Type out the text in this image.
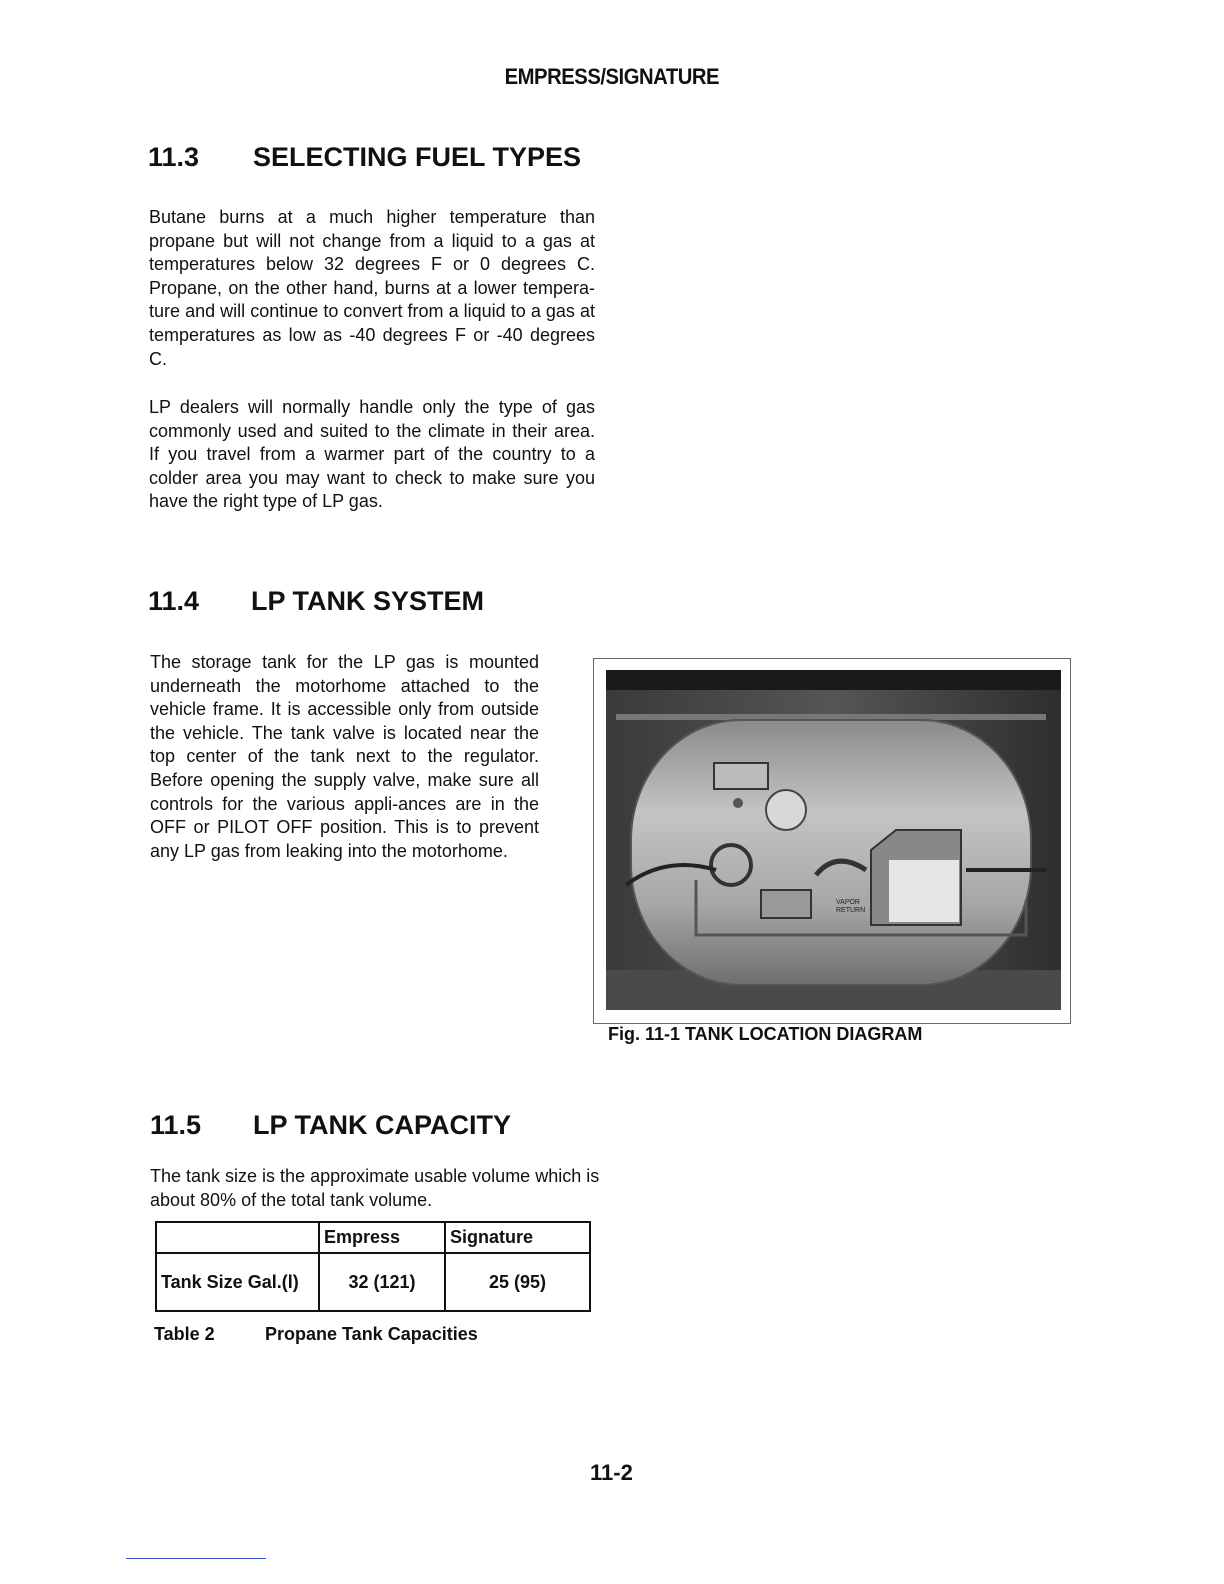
EMPRESS/SIGNATURE
11.3 SELECTING FUEL TYPES
Butane burns at a much higher temperature than propane but will not change from a liquid to a gas at temperatures below 32 degrees F or 0 degrees C. Propane, on the other hand, burns at a lower tempera-ture and will continue to convert from a liquid to a gas at temperatures as low as -40 degrees F or -40 degrees C.
LP dealers will normally handle only the type of gas commonly used and suited to the climate in their area. If you travel from a warmer part of the country to a colder area you may want to check to make sure you have the right type of LP gas.
11.4 LP TANK SYSTEM
The storage tank for the LP gas is mounted underneath the motorhome attached to the vehicle frame. It is accessible only from outside the vehicle. The tank valve is located near the top center of the tank next to the regulator. Before opening the supply valve, make sure all controls for the various appli-ances are in the OFF or PILOT OFF position. This is to prevent any LP gas from leaking into the motorhome.
VAPOR
RETURN
Fig. 11-1 TANK LOCATION DIAGRAM
11.5 LP TANK CAPACITY
The tank size is the approximate usable volume which is about 80% of the total tank volume.
	Empress	Signature
Tank Size Gal.(l)	32 (121)	25 (95)
Table 2	Propane Tank Capacities
11-2
